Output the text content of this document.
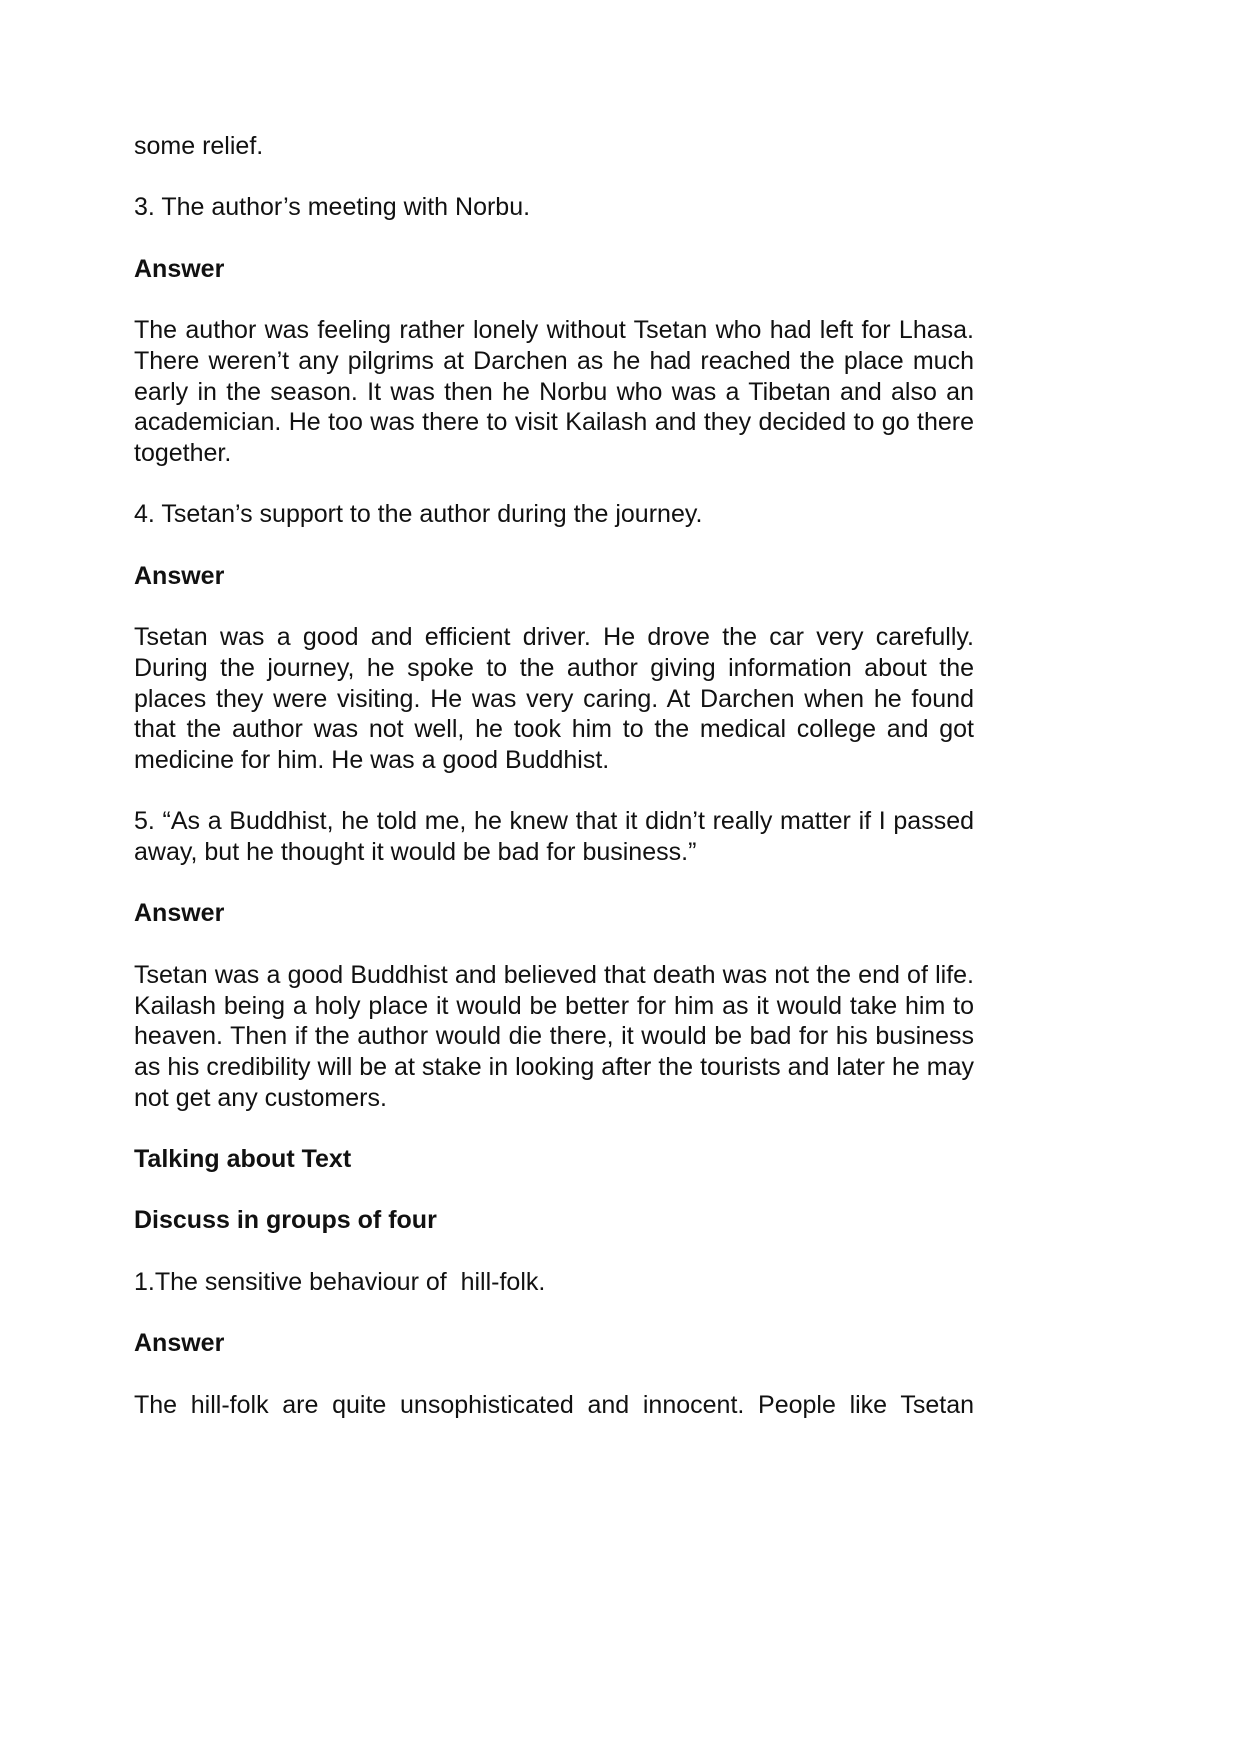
some relief.

3. The author’s meeting with Norbu.

Answer

The author was feeling rather lonely without Tsetan who had left for Lhasa. There weren’t any pilgrims at Darchen as he had reached the place much early in the season. It was then he Norbu who was a Tibetan and also an academician. He too was there to visit Kailash and they decided to go there together.

4. Tsetan’s support to the author during the journey.

Answer

Tsetan was a good and efficient driver. He drove the car very carefully. During the journey, he spoke to the author giving information about the places they were visiting. He was very caring. At Darchen when he found that the author was not well, he took him to the medical college and got medicine for him. He was a good Buddhist.

5. “As a Buddhist, he told me, he knew that it didn’t really matter if I passed away, but he thought it would be bad for business.”

Answer

Tsetan was a good Buddhist and believed that death was not the end of life. Kailash being a holy place it would be better for him as it would take him to heaven. Then if the author would die there, it would be bad for his business as his credibility will be at stake in looking after the tourists and later he may not get any customers.

Talking about Text

Discuss in groups of four

1.The sensitive behaviour of  hill-folk.

Answer

The hill-folk are quite unsophisticated and innocent. People like Tsetan
